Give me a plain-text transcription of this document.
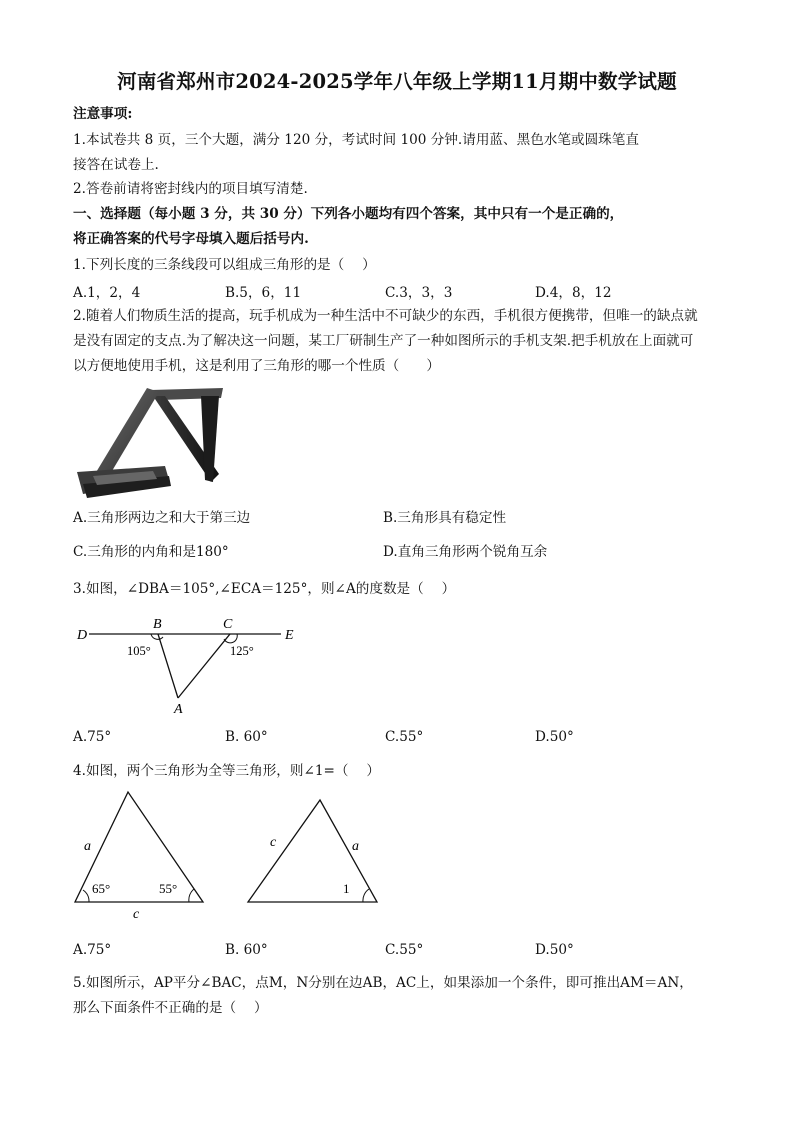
河南省郑州市2024-2025学年八年级上学期11月期中数学试题
注意事项:
1.本试卷共 8 页，三个大题，满分 120 分，考试时间 100 分钟.请用蓝、黑色水笔或圆珠笔直
接答在试卷上.
2.答卷前请将密封线内的项目填写清楚.
一、选择题（每小题 3 分，共 30 分）下列各小题均有四个答案，其中只有一个是正确的，
将正确答案的代号字母填入题后括号内.
1.下列长度的三条线段可以组成三角形的是（　 ）
A.1，2，4	B.5，6，11	C.3，3，3	D.4，8，12
2.随着人们物质生活的提高，玩手机成为一种生活中不可缺少的东西，手机很方便携带，但唯一的缺点就
是没有固定的支点.为了解决这一问题，某工厂研制生产了一种如图所示的手机支架.把手机放在上面就可
以方便地使用手机，这是利用了三角形的哪一个性质（　　）
A.三角形两边之和大于第三边	B.三角形具有稳定性
C.三角形的内角和是180°	D.直角三角形两个锐角互余
3.如图，∠DBA＝105°,∠ECA＝125°，则∠A的度数是（　 ）
D
B	C
E
A
105°	125°
A.75°	B. 60°	C.55°	D.50°
4.如图，两个三角形为全等三角形，则∠1=（　 ）
a
c
65°	55°
c	a
1
A.75°	B. 60°	C.55°	D.50°
5.如图所示，AP平分∠BAC，点M，N分别在边AB，AC上，如果添加一个条件，即可推出AM＝AN，
那么下面条件不正确的是（　 ）
